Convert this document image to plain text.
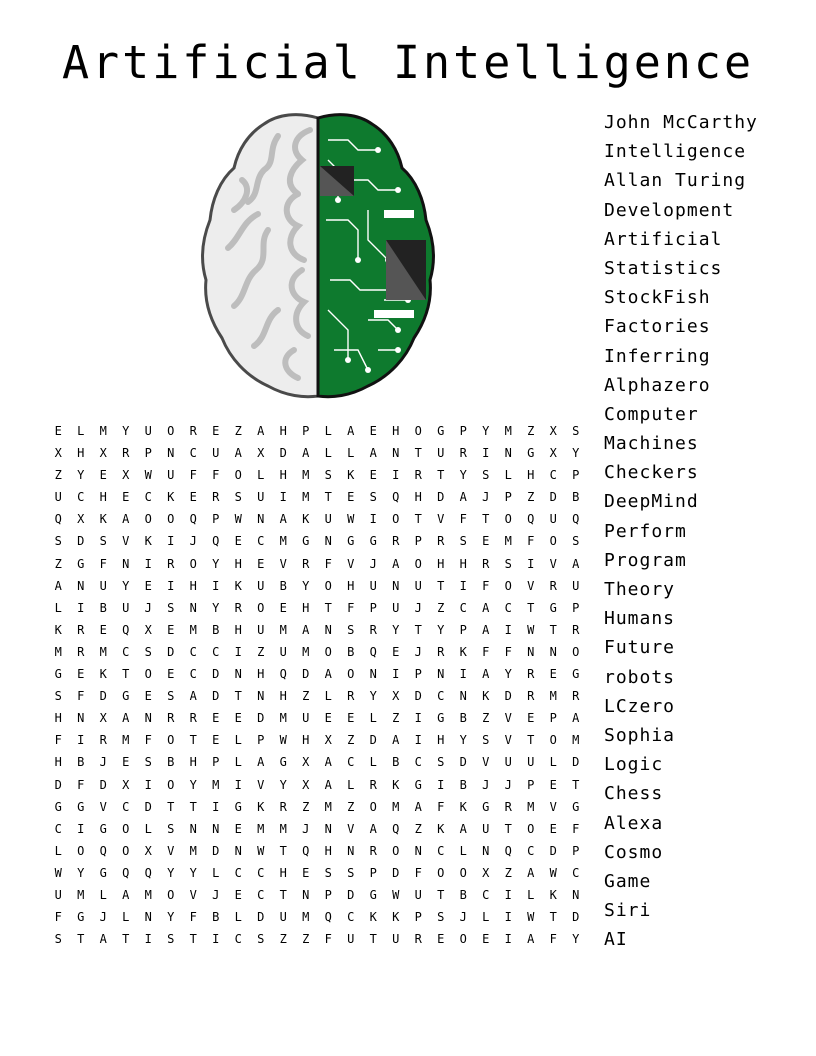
Artificial Intelligence
E	L	M	Y	U	O	R	E	Z	A	H	P	L	A	E	H	O	G	P	Y	M	Z	X	S
X	H	X	R	P	N	C	U	A	X	D	A	L	L	A	N	T	U	R	I	N	G	X	Y
Z	Y	E	X	W	U	F	F	O	L	H	M	S	K	E	I	R	T	Y	S	L	H	C	P
U	C	H	E	C	K	E	R	S	U	I	M	T	E	S	Q	H	D	A	J	P	Z	D	B
Q	X	K	A	O	O	Q	P	W	N	A	K	U	W	I	O	T	V	F	T	O	Q	U	Q
S	D	S	V	K	I	J	Q	E	C	M	G	N	G	G	R	P	R	S	E	M	F	O	S
Z	G	F	N	I	R	O	Y	H	E	V	R	F	V	J	A	O	H	H	R	S	I	V	A
A	N	U	Y	E	I	H	I	K	U	B	Y	O	H	U	N	U	T	I	F	O	V	R	U
L	I	B	U	J	S	N	Y	R	O	E	H	T	F	P	U	J	Z	C	A	C	T	G	P
K	R	E	Q	X	E	M	B	H	U	M	A	N	S	R	Y	T	Y	P	A	I	W	T	R
M	R	M	C	S	D	C	C	I	Z	U	M	O	B	Q	E	J	R	K	F	F	N	N	O
G	E	K	T	O	E	C	D	N	H	Q	D	A	O	N	I	P	N	I	A	Y	R	E	G
S	F	D	G	E	S	A	D	T	N	H	Z	L	R	Y	X	D	C	N	K	D	R	M	R
H	N	X	A	N	R	R	E	E	D	M	U	E	E	L	Z	I	G	B	Z	V	E	P	A
F	I	R	M	F	O	T	E	L	P	W	H	X	Z	D	A	I	H	Y	S	V	T	O	M
H	B	J	E	S	B	H	P	L	A	G	X	A	C	L	B	C	S	D	V	U	U	L	D
D	F	D	X	I	O	Y	M	I	V	Y	X	A	L	R	K	G	I	B	J	J	P	E	T
G	G	V	C	D	T	T	I	G	K	R	Z	M	Z	O	M	A	F	K	G	R	M	V	G
C	I	G	O	L	S	N	N	E	M	M	J	N	V	A	Q	Z	K	A	U	T	O	E	F
L	O	Q	O	X	V	M	D	N	W	T	Q	H	N	R	O	N	C	L	N	Q	C	D	P
W	Y	G	Q	Q	Y	Y	L	C	C	H	E	S	S	P	D	F	O	O	X	Z	A	W	C
U	M	L	A	M	O	V	J	E	C	T	N	P	D	G	W	U	T	B	C	I	L	K	N
F	G	J	L	N	Y	F	B	L	D	U	M	Q	C	K	K	P	S	J	L	I	W	T	D
S	T	A	T	I	S	T	I	C	S	Z	Z	F	U	T	U	R	E	O	E	I	A	F	Y
John McCarthy
Intelligence
Allan Turing
Development
Artificial
Statistics
StockFish
Factories
Inferring
Alphazero
Computer
Machines
Checkers
DeepMind
Perform
Program
Theory
Humans
Future
robots
LCzero
Sophia
Logic
Chess
Alexa
Cosmo
Game
Siri
AI
